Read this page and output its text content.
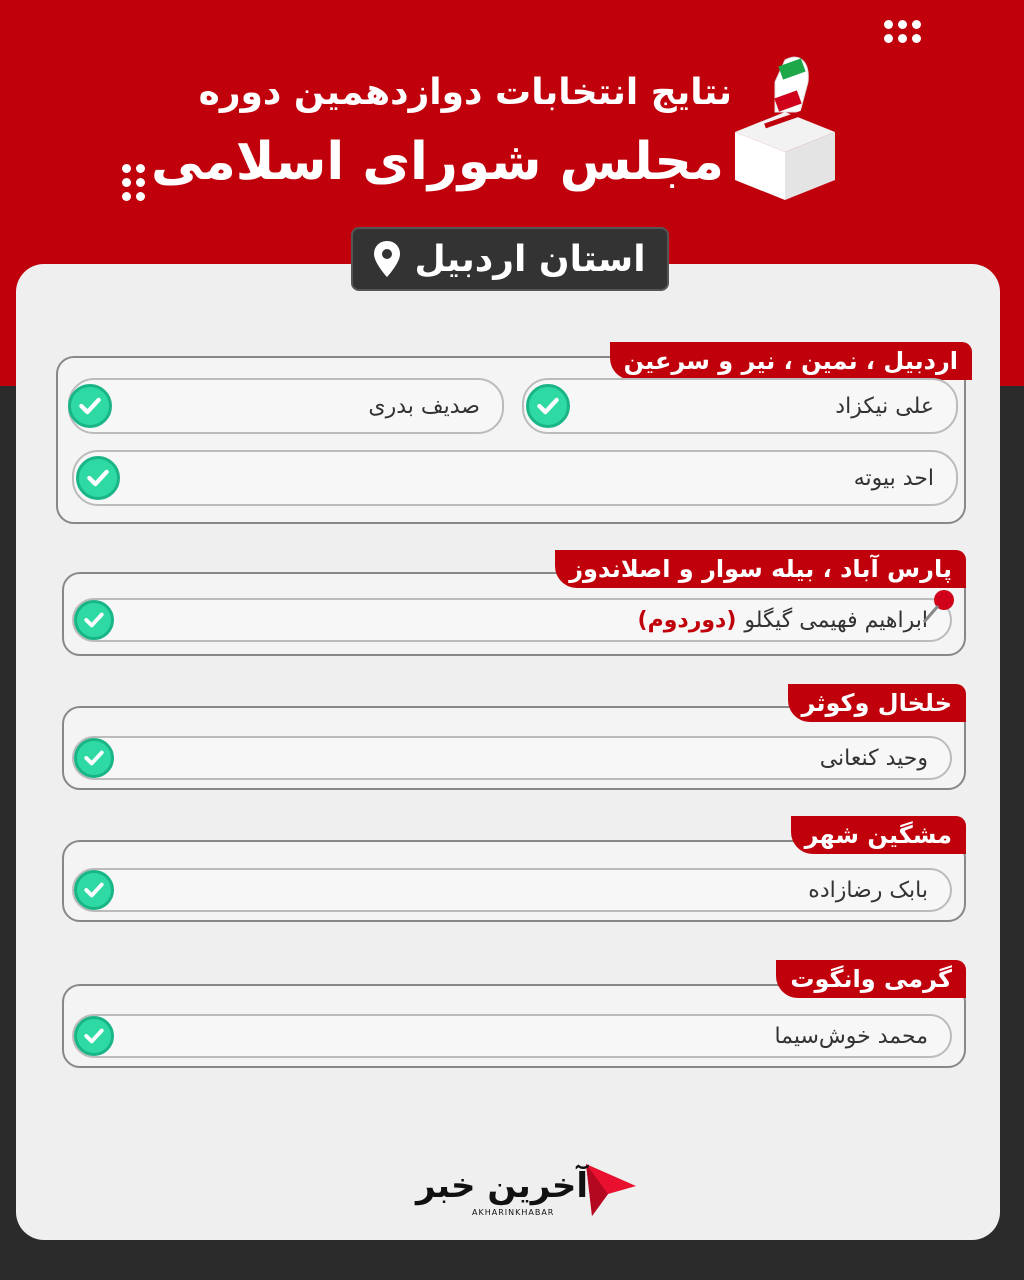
نتایج انتخابات دوازدهمین دوره
مجلس شورای اسلامی
استان اردبیل
اردبیل ، نمین ، نیر و سرعین
علی نیکزاد
صدیف بدری
احد بیوته
پارس آباد ، بیله سوار و اصلاندوز
ابراهیم فهیمی گیگلو
(دوردوم)
خلخال وکوثر
وحید کنعانی
مشگین شهر
بابک رضازاده
گرمی وانگوت
محمد خوش‌سیما
آخرین خبر
AKHARINKHABAR
